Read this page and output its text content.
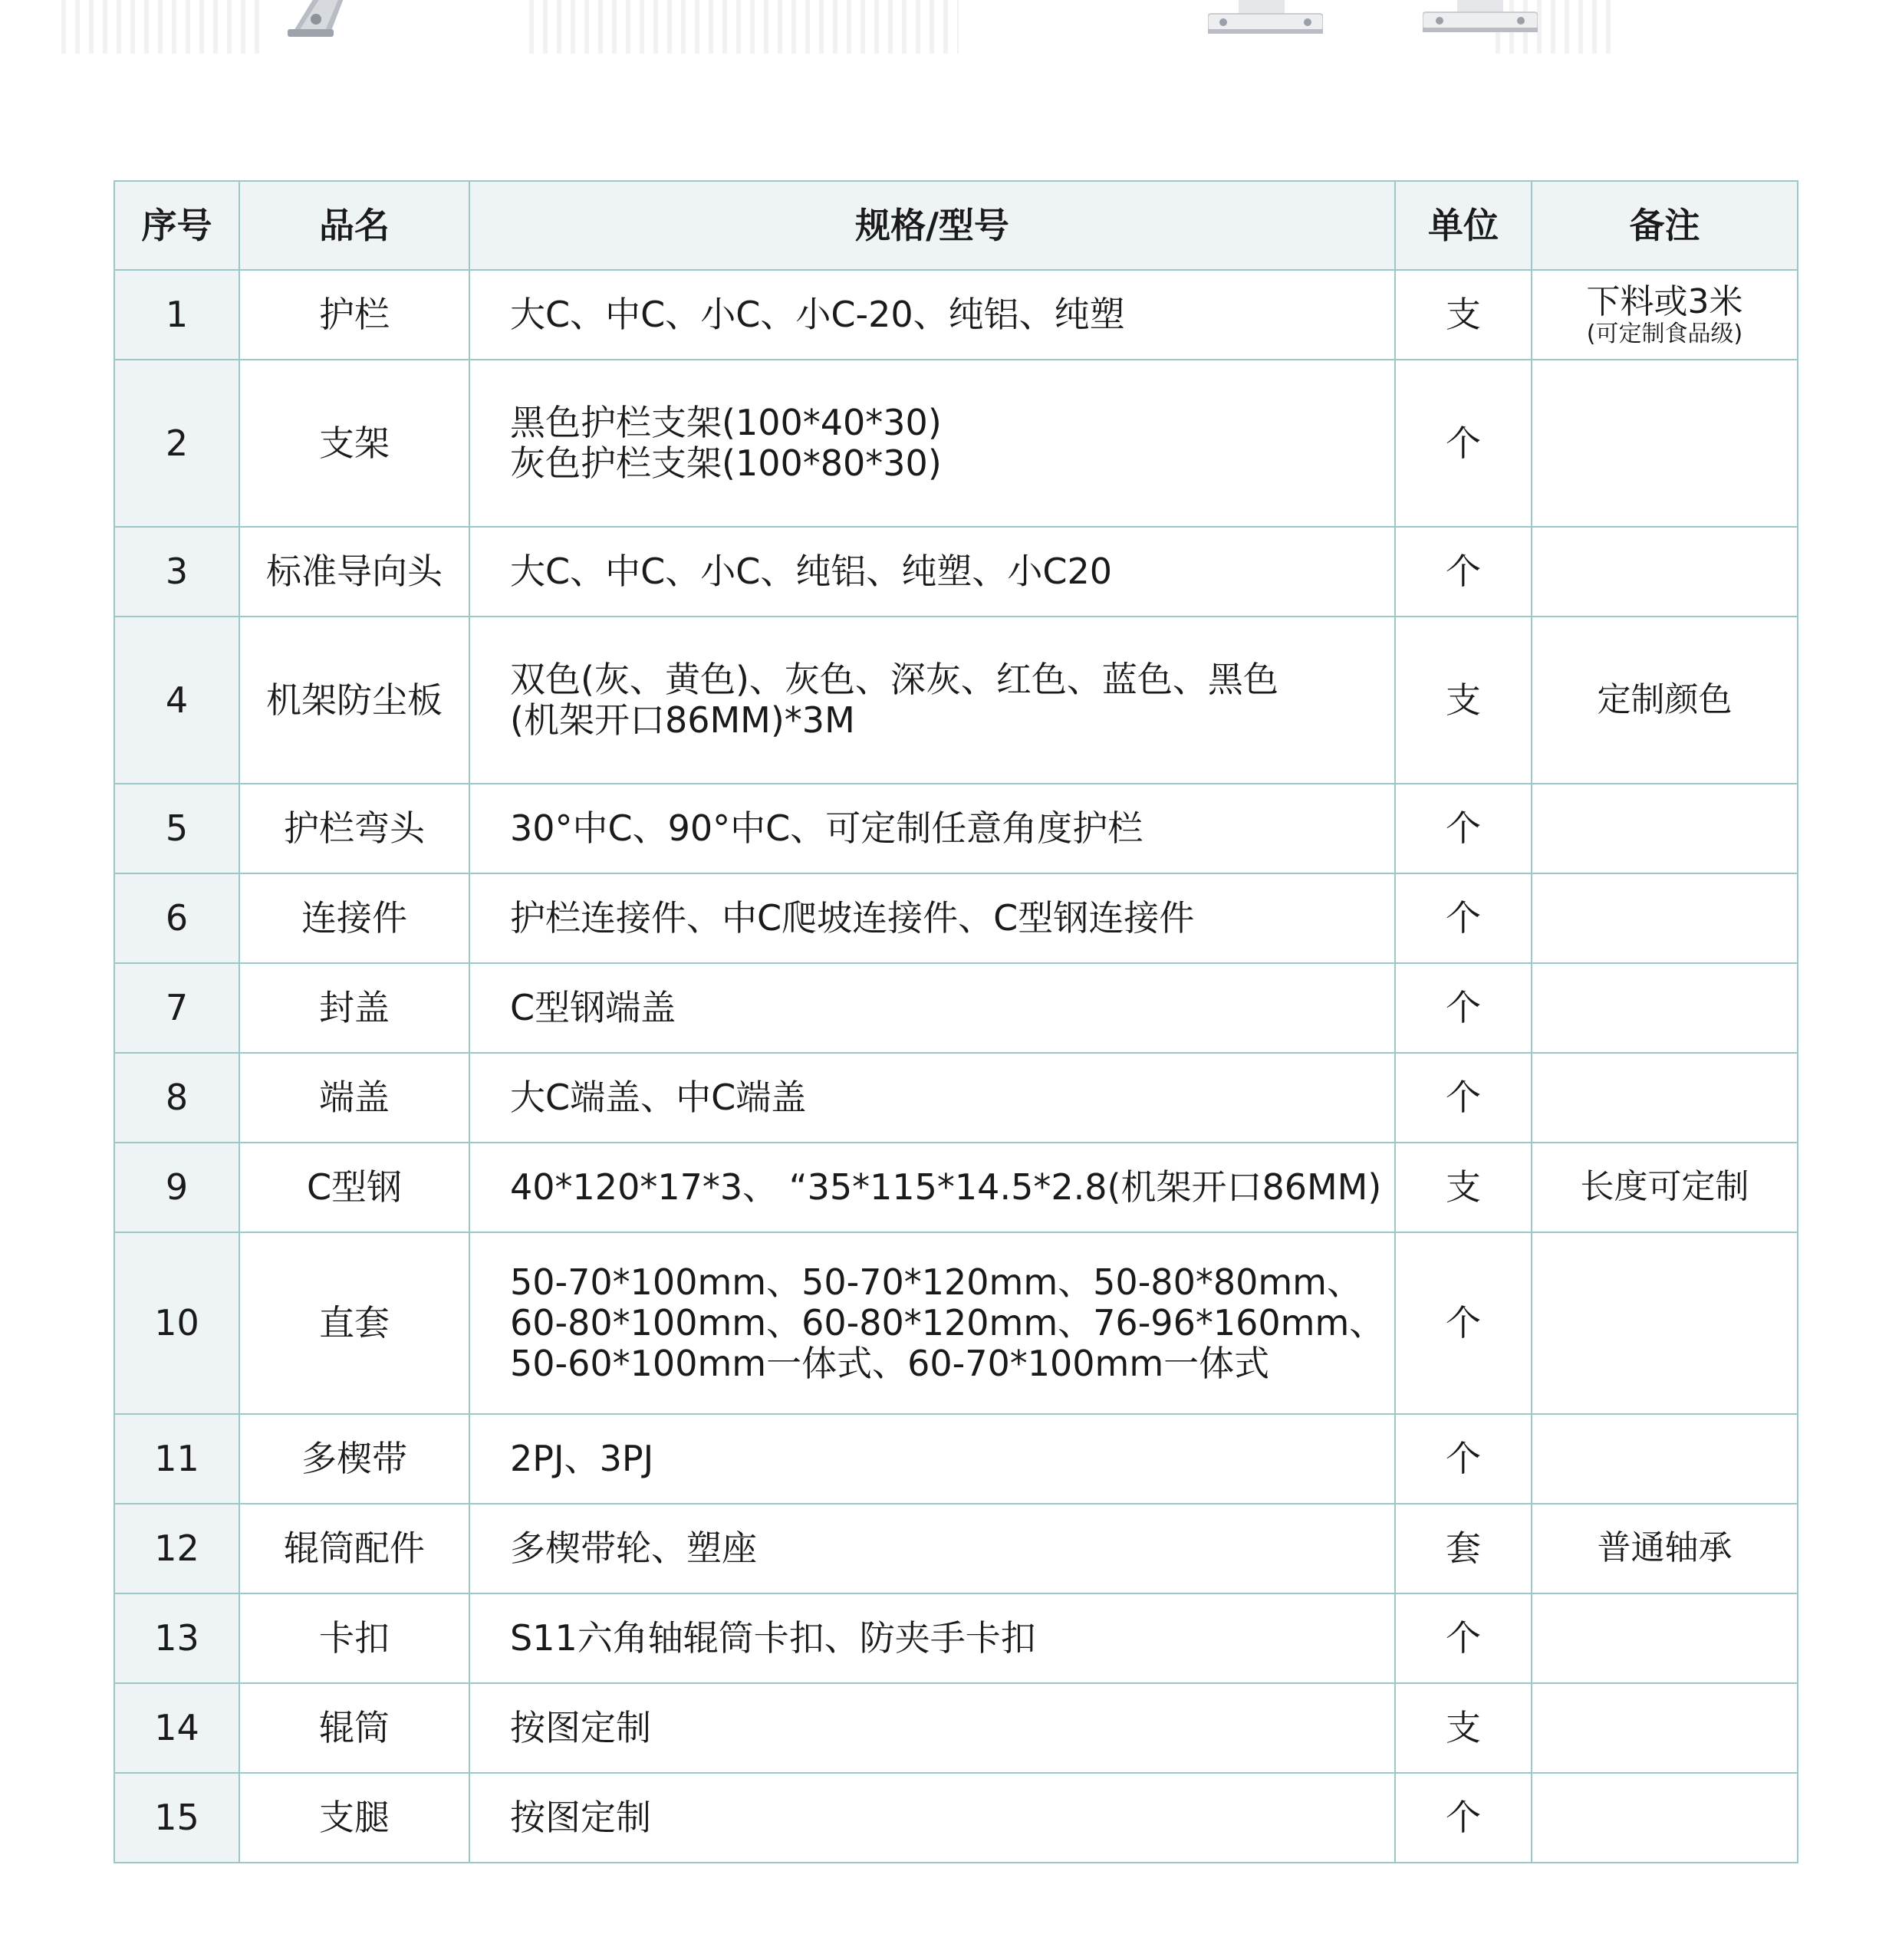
序号	品名	规格/型号	单位	备注
1	护栏	大C、中C、小C、小C-20、纯铝、纯塑	支	下料或3米
(可定制食品级)

2	支架	黑色护栏支架(100*40*30)
灰色护栏支架(100*80*30)	个	

3	标准导向头	大C、中C、小C、纯铝、纯塑、小C20	个	

4	机架防尘板	双色(灰、黄色)、灰色、深灰、红色、蓝色、黑色
(机架开口86MM)*3M	支	定制颜色

5	护栏弯头	30°中C、90°中C、可定制任意角度护栏	个	

6	连接件	护栏连接件、中C爬坡连接件、C型钢连接件	个	

7	封盖	C型钢端盖	个	

8	端盖	大C端盖、中C端盖	个	

9	C型钢	40*120*17*3、 “35*115*14.5*2.8(机架开口86MM)	支	长度可定制

10	直套	50-70*100mm、50-70*120mm、50-80*80mm、
60-80*100mm、60-80*120mm、76-96*160mm、
50-60*100mm一体式、60-70*100mm一体式	个	

11	多楔带	2PJ、3PJ	个	

12	辊筒配件	多楔带轮、塑座	套	普通轴承

13	卡扣	S11六角轴辊筒卡扣、防夹手卡扣	个	

14	辊筒	按图定制	支	

15	支腿	按图定制	个	
